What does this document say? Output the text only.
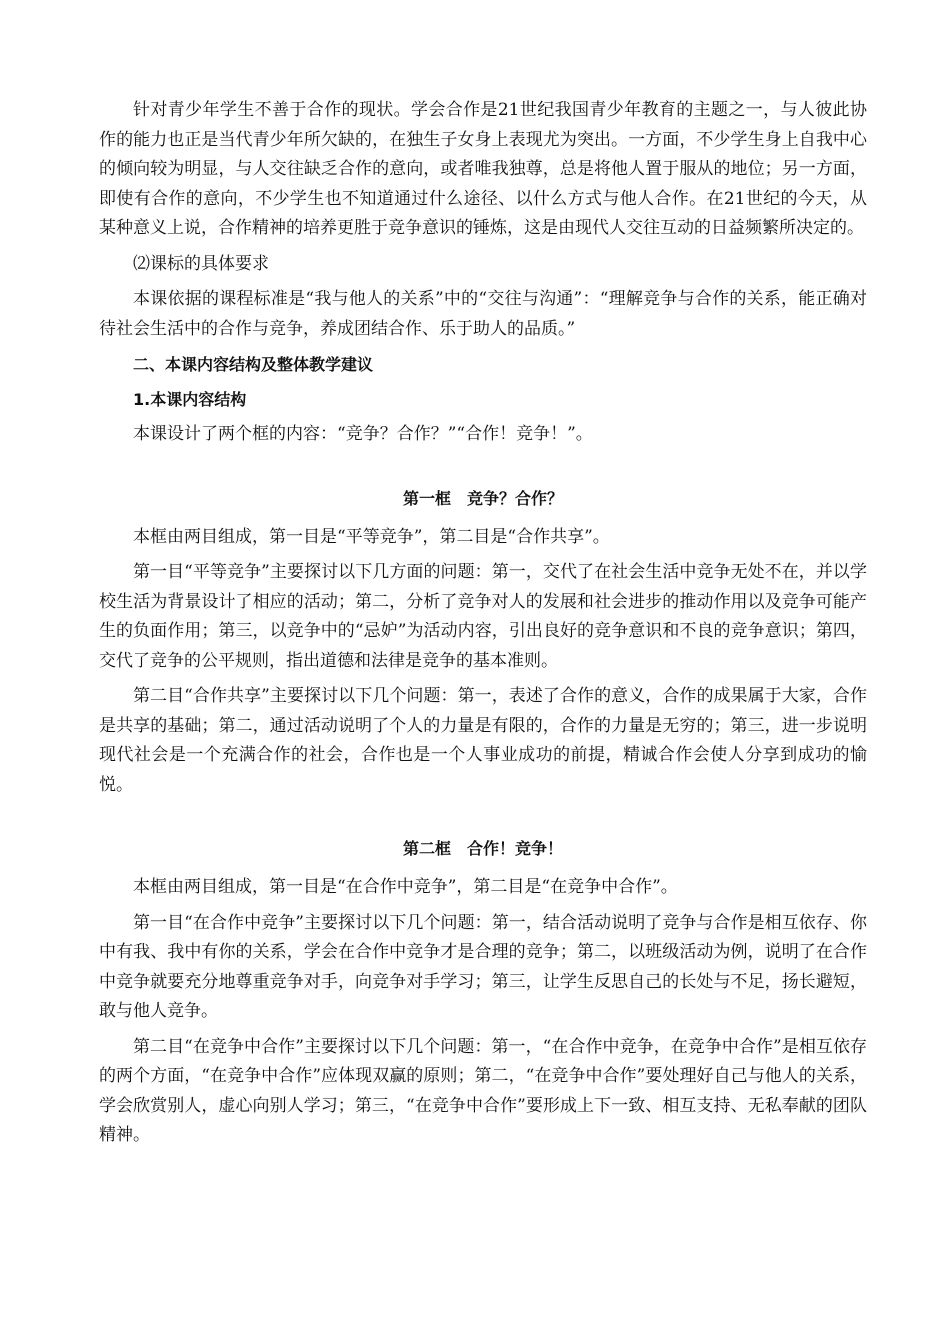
针对青少年学生不善于合作的现状。学会合作是21世纪我国青少年教育的主题之一，与人彼此协作的能力也正是当代青少年所欠缺的，在独生子女身上表现尤为突出。一方面，不少学生身上自我中心的倾向较为明显，与人交往缺乏合作的意向，或者唯我独尊，总是将他人置于服从的地位；另一方面，即使有合作的意向，不少学生也不知道通过什么途径、以什么方式与他人合作。在21世纪的今天，从某种意义上说，合作精神的培养更胜于竞争意识的锤炼，这是由现代人交往互动的日益频繁所决定的。

⑵课标的具体要求

本课依据的课程标准是“我与他人的关系”中的“交往与沟通”：“理解竞争与合作的关系，能正确对待社会生活中的合作与竞争，养成团结合作、乐于助人的品质。”

二、本课内容结构及整体教学建议

1.本课内容结构

本课设计了两个框的内容：“竞争？合作？”“合作！竞争！”。

第一框　竞争？合作？

本框由两目组成，第一目是“平等竞争”，第二目是“合作共享”。

第一目“平等竞争”主要探讨以下几方面的问题：第一，交代了在社会生活中竞争无处不在，并以学校生活为背景设计了相应的活动；第二，分析了竞争对人的发展和社会进步的推动作用以及竞争可能产生的负面作用；第三，以竞争中的“忌妒”为活动内容，引出良好的竞争意识和不良的竞争意识；第四，交代了竞争的公平规则，指出道德和法律是竞争的基本准则。

第二目“合作共享”主要探讨以下几个问题：第一，表述了合作的意义，合作的成果属于大家，合作是共享的基础；第二，通过活动说明了个人的力量是有限的，合作的力量是无穷的；第三，进一步说明现代社会是一个充满合作的社会，合作也是一个人事业成功的前提，精诚合作会使人分享到成功的愉悦。

第二框　合作！竞争！

本框由两目组成，第一目是“在合作中竞争”，第二目是“在竞争中合作”。

第一目“在合作中竞争”主要探讨以下几个问题：第一，结合活动说明了竞争与合作是相互依存、你中有我、我中有你的关系，学会在合作中竞争才是合理的竞争；第二，以班级活动为例，说明了在合作中竞争就要充分地尊重竞争对手，向竞争对手学习；第三，让学生反思自己的长处与不足，扬长避短，敢与他人竞争。

第二目“在竞争中合作”主要探讨以下几个问题：第一，“在合作中竞争，在竞争中合作”是相互依存的两个方面，“在竞争中合作”应体现双赢的原则；第二，“在竞争中合作”要处理好自己与他人的关系，学会欣赏别人，虚心向别人学习；第三，“在竞争中合作”要形成上下一致、相互支持、无私奉献的团队精神。
